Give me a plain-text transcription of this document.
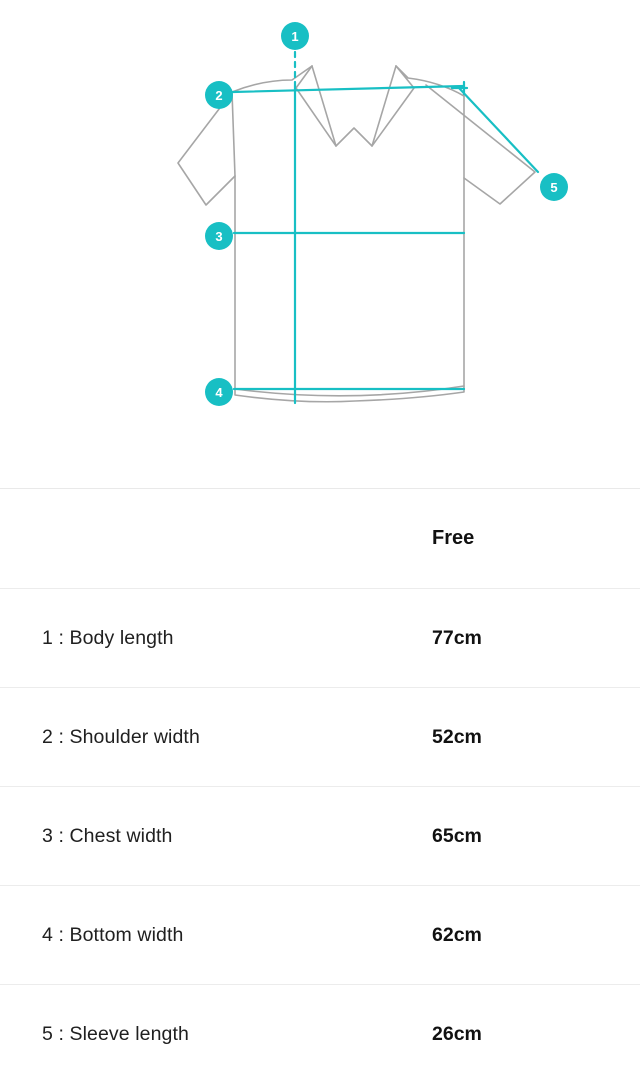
1
2
3
4
5
Free
1 : Body length	77cm
2 : Shoulder width	52cm
3 : Chest width	65cm
4 : Bottom width	62cm
5 : Sleeve length	26cm
